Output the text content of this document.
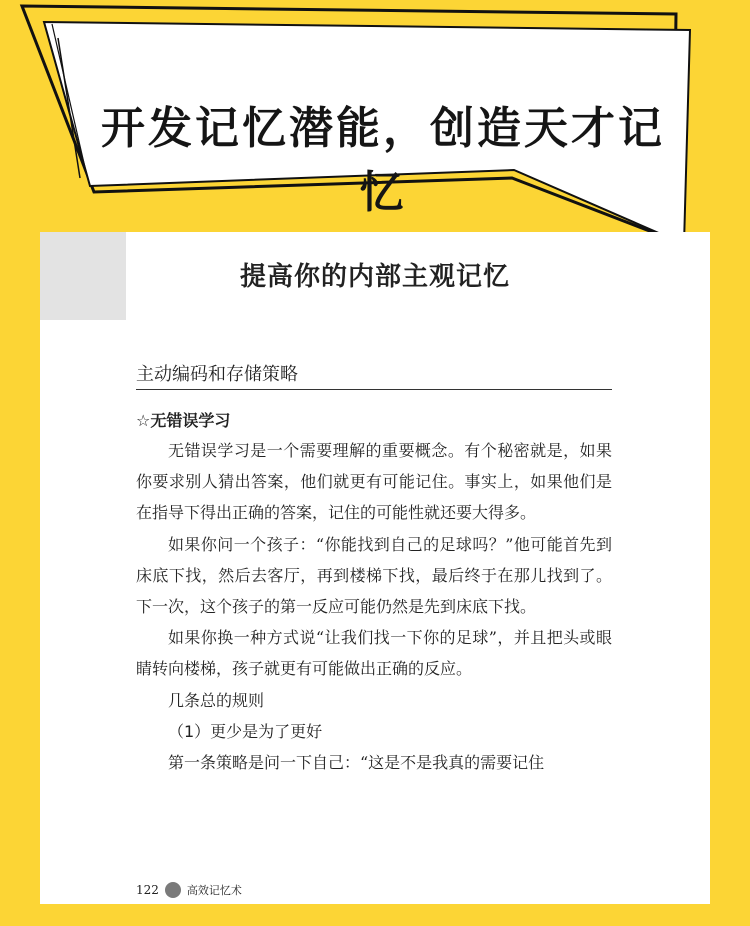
开发记忆潜能，创造天才记忆
提高你的内部主观记忆
主动编码和存储策略
☆无错误学习

无错误学习是一个需要理解的重要概念。有个秘密就是，如果你要求别人猜出答案，他们就更有可能记住。事实上，如果他们是在指导下得出正确的答案，记住的可能性就还要大得多。

如果你问一个孩子：“你能找到自己的足球吗？”他可能首先到床底下找，然后去客厅，再到楼梯下找，最后终于在那儿找到了。下一次，这个孩子的第一反应可能仍然是先到床底下找。

如果你换一种方式说“让我们找一下你的足球”，并且把头或眼睛转向楼梯，孩子就更有可能做出正确的反应。

几条总的规则

（1）更少是为了更好

第一条策略是问一下自己：“这是不是我真的需要记住

122	高效记忆术
